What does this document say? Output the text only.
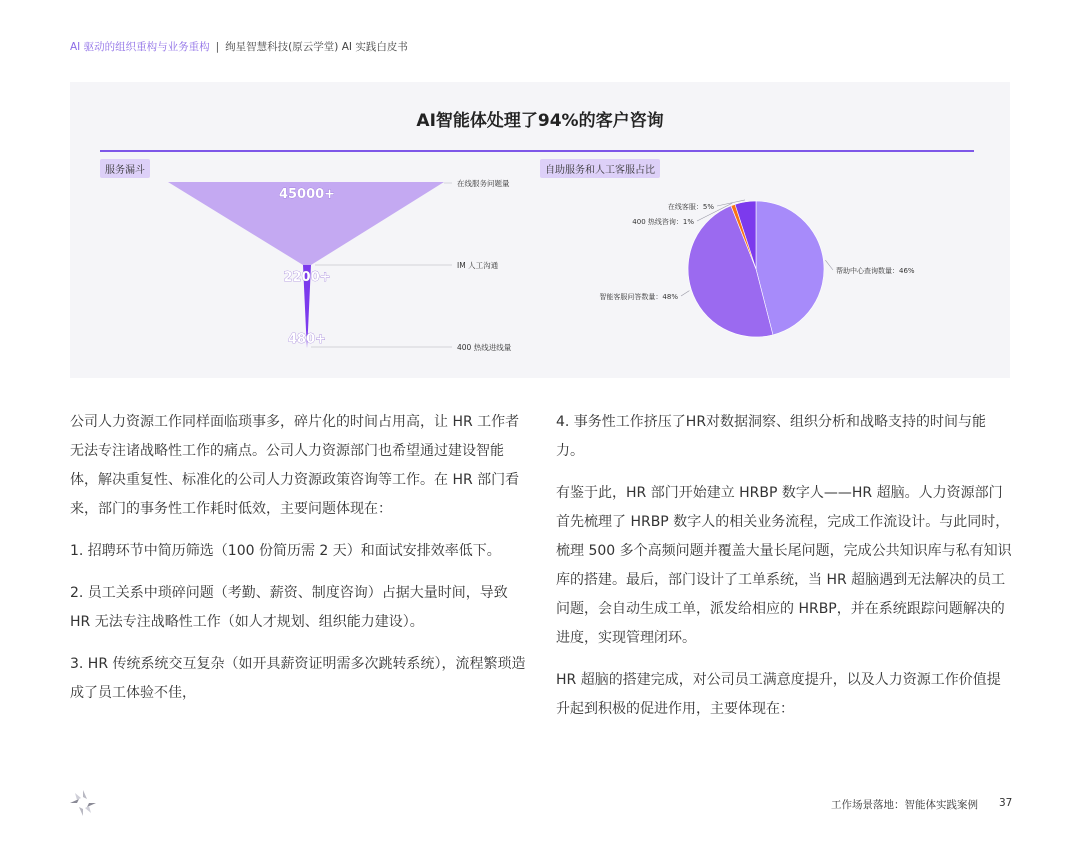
AI 驱动的组织重构与业务重构 | 绚星智慧科技(原云学堂) AI 实践白皮书
AI智能体处理了94%的客户咨询
服务漏斗	自助服务和人工客服占比
在线服务问题量
45000+
IM 人工沟通
2200+
400 热线进线量
480+
帮助中心查询数量：46%
智能客服问答数量：48%
400 热线咨询：1%
在线客服：5%

公司人力资源工作同样面临琐事多，碎片化的时间占用高，让 HR 工作者无法专注诸战略性工作的痛点。公司人力资源部门也希望通过建设智能体，解决重复性、标准化的公司人力资源政策咨询等工作。在 HR 部门看来，部门的事务性工作耗时低效，主要问题体现在：

1. 招聘环节中简历筛选（100 份简历需 2 天）和面试安排效率低下。

2. 员工关系中琐碎问题（考勤、薪资、制度咨询）占据大量时间，导致 HR 无法专注战略性工作（如人才规划、组织能力建设）。

3. HR 传统系统交互复杂（如开具薪资证明需多次跳转系统），流程繁琐造成了员工体验不佳，

4. 事务性工作挤压了HR对数据洞察、组织分析和战略支持的时间与能力。

有鉴于此，HR 部门开始建立 HRBP 数字人——HR 超脑。人力资源部门首先梳理了 HRBP 数字人的相关业务流程，完成工作流设计。与此同时，梳理 500 多个高频问题并覆盖大量长尾问题，完成公共知识库与私有知识库的搭建。最后，部门设计了工单系统，当 HR 超脑遇到无法解决的员工问题，会自动生成工单，派发给相应的 HRBP，并在系统跟踪问题解决的进度，实现管理闭环。

HR 超脑的搭建完成，对公司员工满意度提升，以及人力资源工作价值提升起到积极的促进作用，主要体现在：

工作场景落地：智能体实践案例 37
